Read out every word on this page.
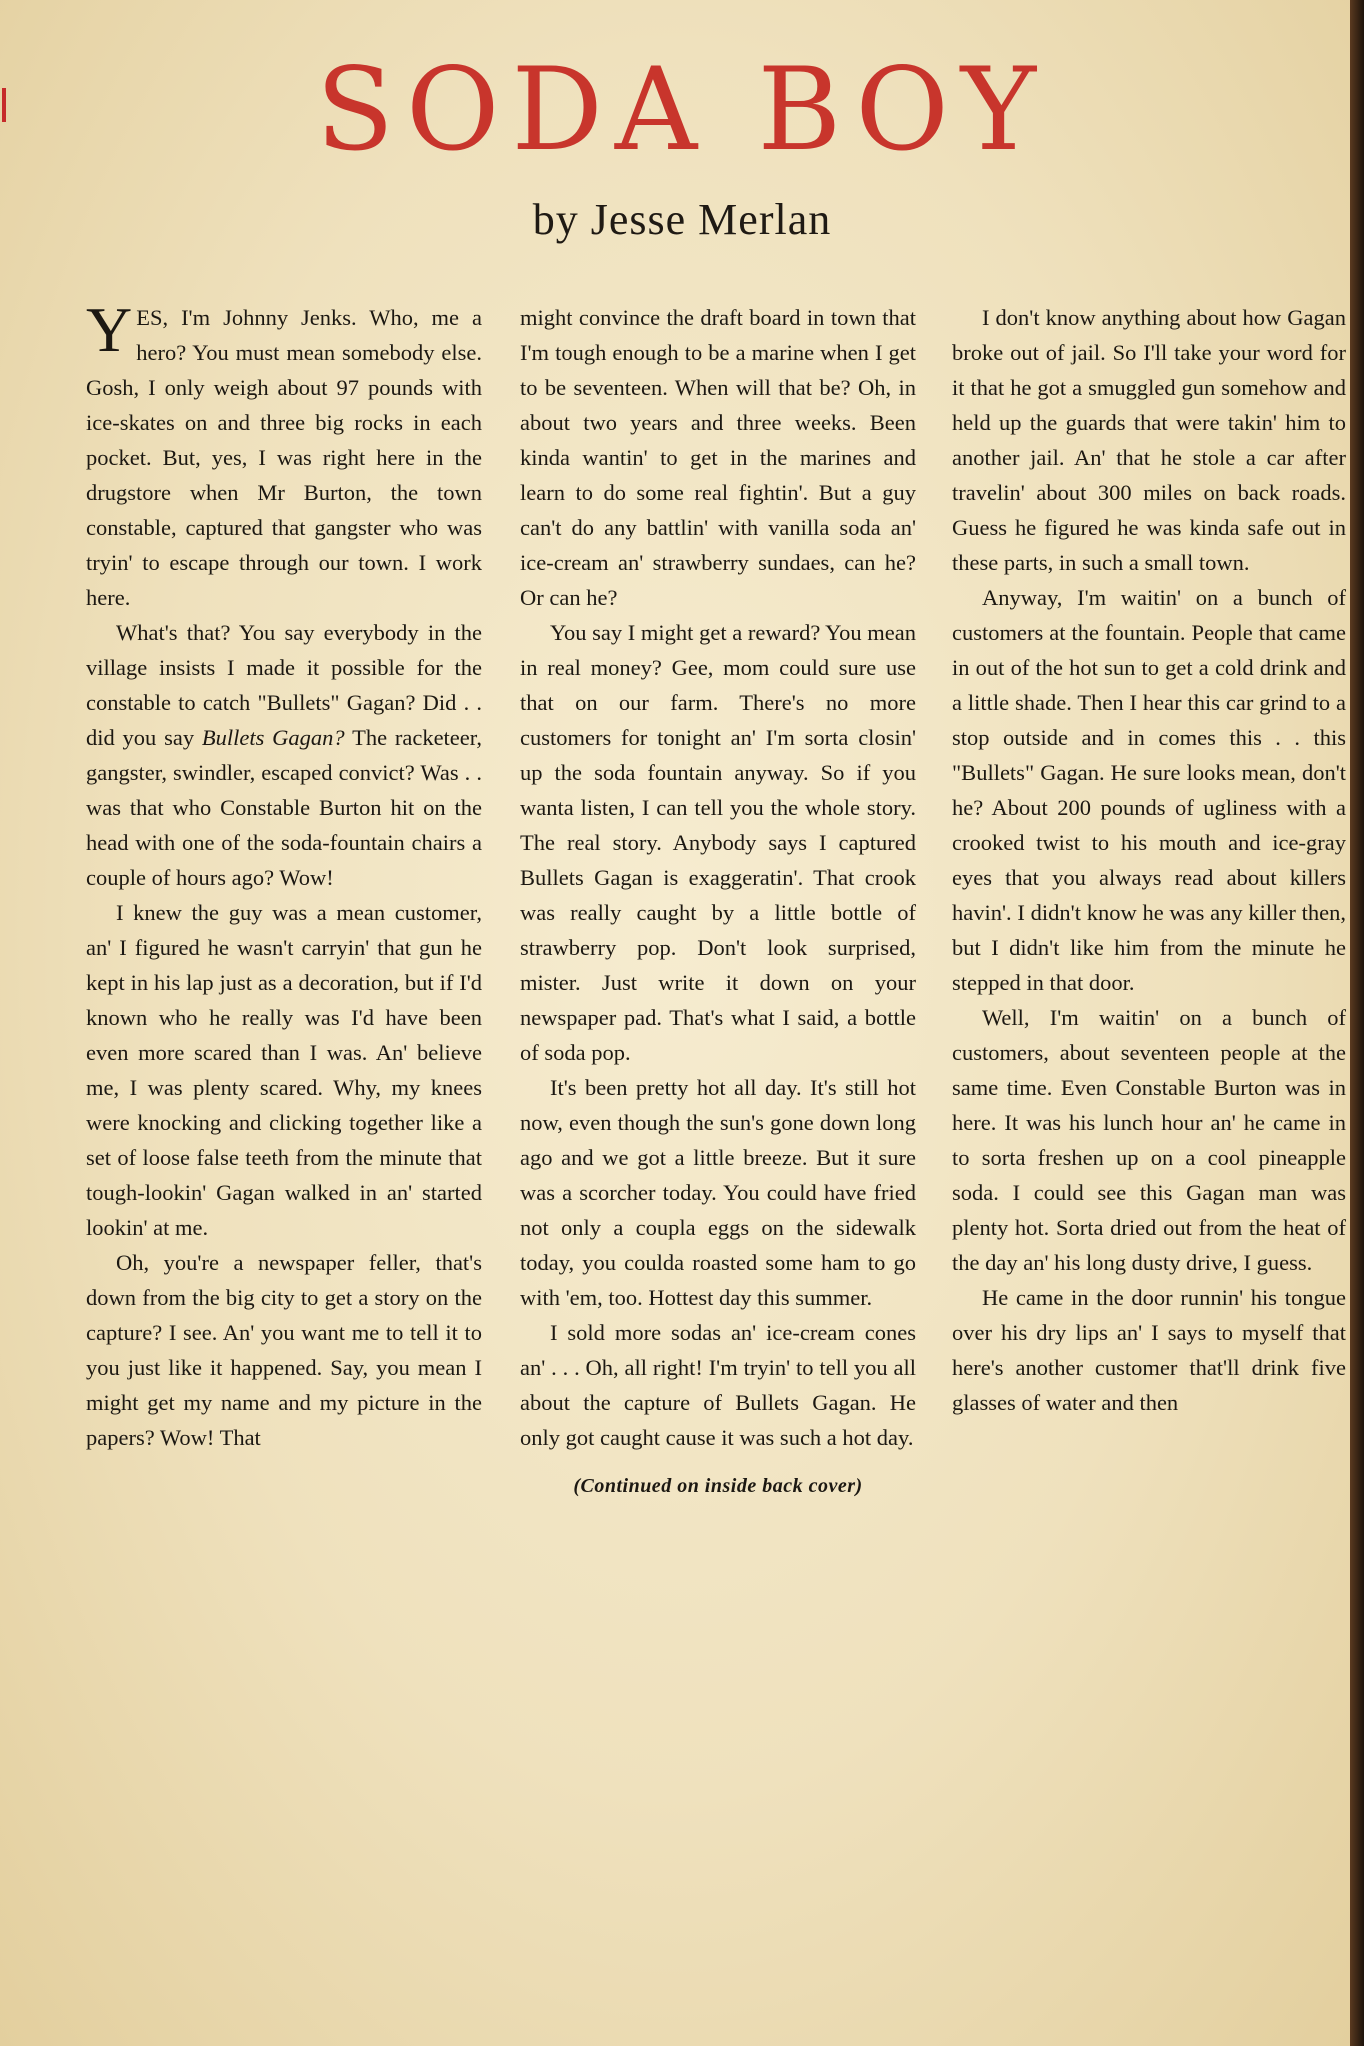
SODA BOY
by Jesse Merlan

YES, I'm Johnny Jenks. Who, me a hero? You must mean somebody else. Gosh, I only weigh about 97 pounds with ice-skates on and three big rocks in each pocket. But, yes, I was right here in the drugstore when Mr Burton, the town constable, captured that gangster who was tryin' to escape through our town. I work here.

What's that? You say everybody in the village insists I made it possible for the constable to catch "Bullets" Gagan? Did . . did you say Bullets Gagan? The racketeer, gangster, swindler, escaped convict? Was . . was that who Constable Burton hit on the head with one of the soda-fountain chairs a couple of hours ago? Wow!

I knew the guy was a mean customer, an' I figured he wasn't carryin' that gun he kept in his lap just as a decoration, but if I'd known who he really was I'd have been even more scared than I was. An' believe me, I was plenty scared. Why, my knees were knocking and clicking together like a set of loose false teeth from the minute that tough-lookin' Gagan walked in an' started lookin' at me.

Oh, you're a newspaper feller, that's down from the big city to get a story on the capture? I see. An' you want me to tell it to you just like it happened. Say, you mean I might get my name and my picture in the papers? Wow! That

might convince the draft board in town that I'm tough enough to be a marine when I get to be seventeen. When will that be? Oh, in about two years and three weeks. Been kinda wantin' to get in the marines and learn to do some real fightin'. But a guy can't do any battlin' with vanilla soda an' ice-cream an' strawberry sundaes, can he? Or can he?

You say I might get a reward? You mean in real money? Gee, mom could sure use that on our farm. There's no more customers for tonight an' I'm sorta closin' up the soda fountain anyway. So if you wanta listen, I can tell you the whole story. The real story. Anybody says I captured Bullets Gagan is exaggeratin'. That crook was really caught by a little bottle of strawberry pop. Don't look surprised, mister. Just write it down on your newspaper pad. That's what I said, a bottle of soda pop.

It's been pretty hot all day. It's still hot now, even though the sun's gone down long ago and we got a little breeze. But it sure was a scorcher today. You could have fried not only a coupla eggs on the sidewalk today, you coulda roasted some ham to go with 'em, too. Hottest day this summer.

I sold more sodas an' ice-cream cones an' . . . Oh, all right! I'm tryin' to tell you all about the capture of Bullets Gagan. He only got caught cause it was such a hot day.

(Continued on inside back cover)

I don't know anything about how Gagan broke out of jail. So I'll take your word for it that he got a smuggled gun somehow and held up the guards that were takin' him to another jail. An' that he stole a car after travelin' about 300 miles on back roads. Guess he figured he was kinda safe out in these parts, in such a small town.

Anyway, I'm waitin' on a bunch of customers at the fountain. People that came in out of the hot sun to get a cold drink and a little shade. Then I hear this car grind to a stop outside and in comes this . . this "Bullets" Gagan. He sure looks mean, don't he? About 200 pounds of ugliness with a crooked twist to his mouth and ice-gray eyes that you always read about killers havin'. I didn't know he was any killer then, but I didn't like him from the minute he stepped in that door.

Well, I'm waitin' on a bunch of customers, about seventeen people at the same time. Even Constable Burton was in here. It was his lunch hour an' he came in to sorta freshen up on a cool pineapple soda. I could see this Gagan man was plenty hot. Sorta dried out from the heat of the day an' his long dusty drive, I guess.

He came in the door runnin' his tongue over his dry lips an' I says to myself that here's another customer that'll drink five glasses of water and then
